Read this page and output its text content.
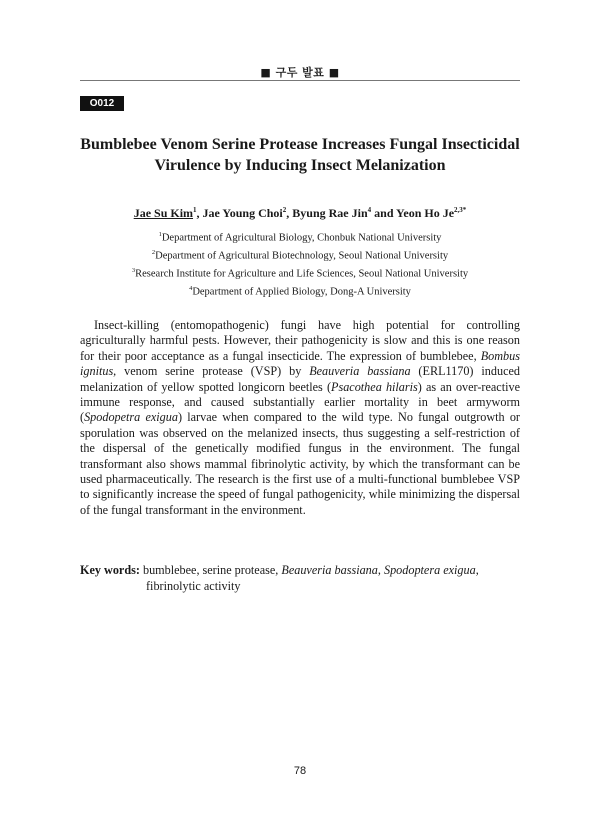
■ 구두 발표 ■
O012
Bumblebee Venom Serine Protease Increases Fungal Insecticidal
Virulence by Inducing Insect Melanization
Jae Su Kim$^1$, Jae Young Choi$^2$, Byung Rae Jin$^4$ and Yeon Ho $Je^{2,3*}$
$^1$Department of Agricultural Biology, Chonbuk National University
$^2$Department of Agricultural Biotechnology, Seoul National University
$^3$Research Institute for Agriculture and Life Sciences, Seoul National University
$^4$Department of Applied Biology, Dong-A University

Insect-killing (entomopathogenic) fungi have high potential for controlling agriculturally harmful pests. However, their pathogenicity is slow and this is one reason for their poor acceptance as a fungal insecticide. The expression of bumblebee, Bombus ignitus, venom serine protease (VSP) by Beauveria bassiana (ERL1170) induced melanization of yellow spotted longicorn beetles (Psacothea hilaris) as an over-reactive immune response, and caused substantially earlier mortality in beet armyworm (Spodopetra exigua) larvae when compared to the wild type. No fungal outgrowth or sporulation was observed on the melanized insects, thus suggesting a self-restriction of the dispersal of the genetically modified fungus in the environment. The fungal transformant also shows mammal fibrinolytic activity, by which the transformant can be used pharmaceutically. The research is the first use of a multi-functional bumblebee VSP to significantly increase the speed of fungal pathogenicity, while minimizing the dispersal of the fungal transformant in the environment.

Key words: bumblebee, serine protease, Beauveria bassiana, Spodoptera exigua,
fibrinolytic activity
78
